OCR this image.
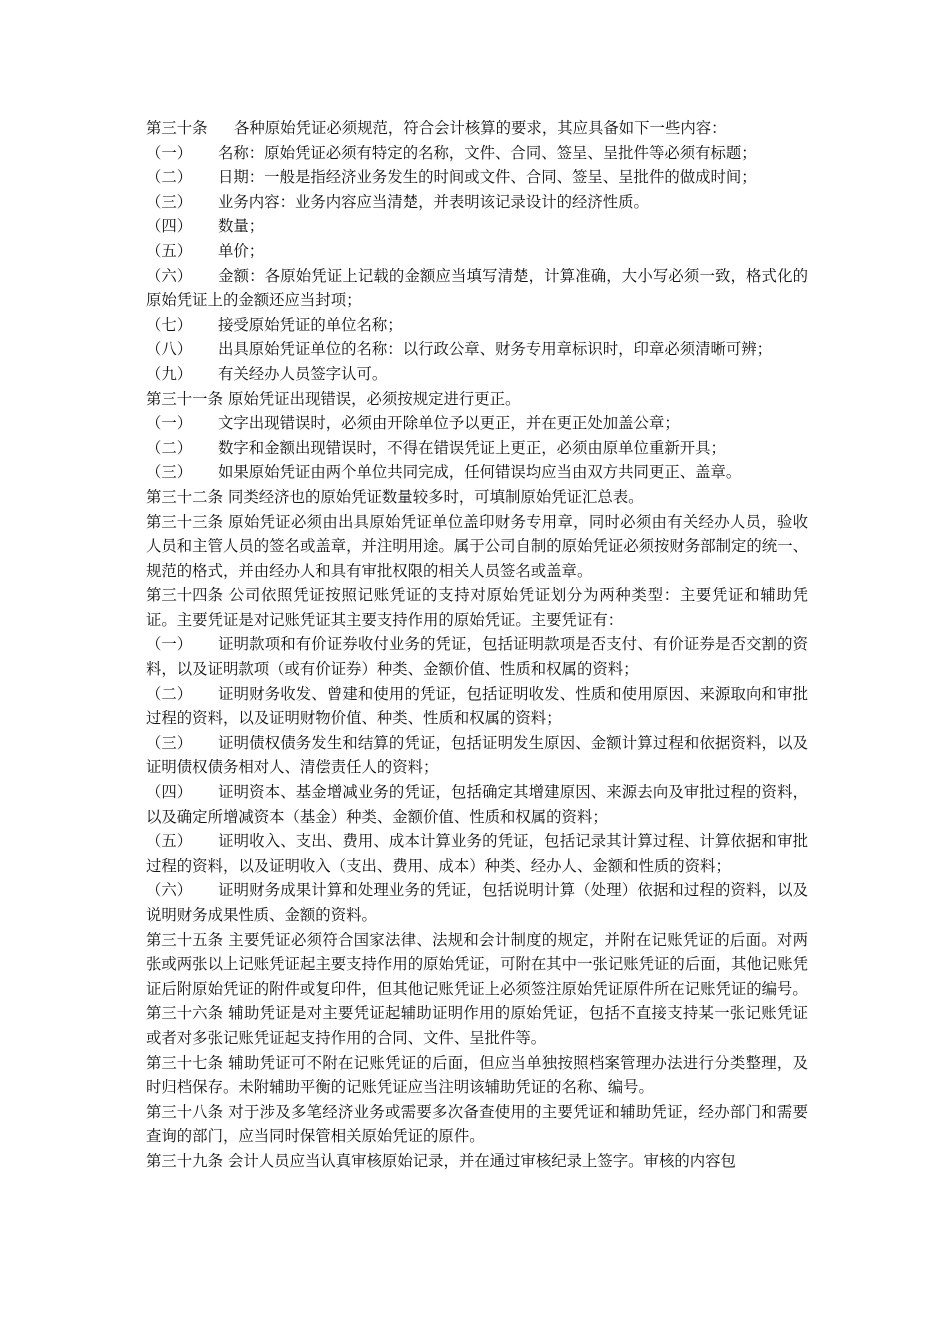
第三十条 各种原始凭证必须规范，符合会计核算的要求，其应具备如下一些内容：

（一） 名称：原始凭证必须有特定的名称，文件、合同、签呈、呈批件等必须有标题；

（二） 日期：一般是指经济业务发生的时间或文件、合同、签呈、呈批件的做成时间；

（三） 业务内容：业务内容应当清楚，并表明该记录设计的经济性质。

（四） 数量；

（五） 单价；

（六） 金额：各原始凭证上记载的金额应当填写清楚，计算准确，大小写必须一致，格式化的原始凭证上的金额还应当封项；

（七） 接受原始凭证的单位名称；

（八） 出具原始凭证单位的名称：以行政公章、财务专用章标识时，印章必须清晰可辨；

（九） 有关经办人员签字认可。

第三十一条 原始凭证出现错误，必须按规定进行更正。

（一） 文字出现错误时，必须由开除单位予以更正，并在更正处加盖公章；

（二） 数字和金额出现错误时，不得在错误凭证上更正，必须由原单位重新开具；

（三） 如果原始凭证由两个单位共同完成，任何错误均应当由双方共同更正、盖章。

第三十二条 同类经济也的原始凭证数量较多时，可填制原始凭证汇总表。

第三十三条 原始凭证必须由出具原始凭证单位盖印财务专用章，同时必须由有关经办人员，验收人员和主管人员的签名或盖章，并注明用途。属于公司自制的原始凭证必须按财务部制定的统一、规范的格式，并由经办人和具有审批权限的相关人员签名或盖章。

第三十四条 公司依照凭证按照记账凭证的支持对原始凭证划分为两种类型：主要凭证和辅助凭证。主要凭证是对记账凭证其主要支持作用的原始凭证。主要凭证有：

（一） 证明款项和有价证券收付业务的凭证，包括证明款项是否支付、有价证券是否交割的资料，以及证明款项（或有价证券）种类、金额价值、性质和权属的资料；

（二） 证明财务收发、曾建和使用的凭证，包括证明收发、性质和使用原因、来源取向和审批过程的资料，以及证明财物价值、种类、性质和权属的资料；

（三） 证明债权债务发生和结算的凭证，包括证明发生原因、金额计算过程和依据资料，以及证明债权债务相对人、清偿责任人的资料；

（四） 证明资本、基金增减业务的凭证，包括确定其增建原因、来源去向及审批过程的资料，以及确定所增减资本（基金）种类、金额价值、性质和权属的资料；

（五） 证明收入、支出、费用、成本计算业务的凭证，包括记录其计算过程、计算依据和审批过程的资料，以及证明收入（支出、费用、成本）种类、经办人、金额和性质的资料；

（六） 证明财务成果计算和处理业务的凭证，包括说明计算（处理）依据和过程的资料，以及说明财务成果性质、金额的资料。

第三十五条 主要凭证必须符合国家法律、法规和会计制度的规定，并附在记账凭证的后面。对两张或两张以上记账凭证起主要支持作用的原始凭证，可附在其中一张记账凭证的后面，其他记账凭证后附原始凭证的附件或复印件，但其他记账凭证上必须签注原始凭证原件所在记账凭证的编号。

第三十六条 辅助凭证是对主要凭证起辅助证明作用的原始凭证，包括不直接支持某一张记账凭证或者对多张记账凭证起支持作用的合同、文件、呈批件等。

第三十七条 辅助凭证可不附在记账凭证的后面，但应当单独按照档案管理办法进行分类整理，及时归档保存。未附辅助平衡的记账凭证应当注明该辅助凭证的名称、编号。

第三十八条 对于涉及多笔经济业务或需要多次备查使用的主要凭证和辅助凭证，经办部门和需要查询的部门，应当同时保管相关原始凭证的原件。

第三十九条 会计人员应当认真审核原始记录，并在通过审核纪录上签字。审核的内容包
